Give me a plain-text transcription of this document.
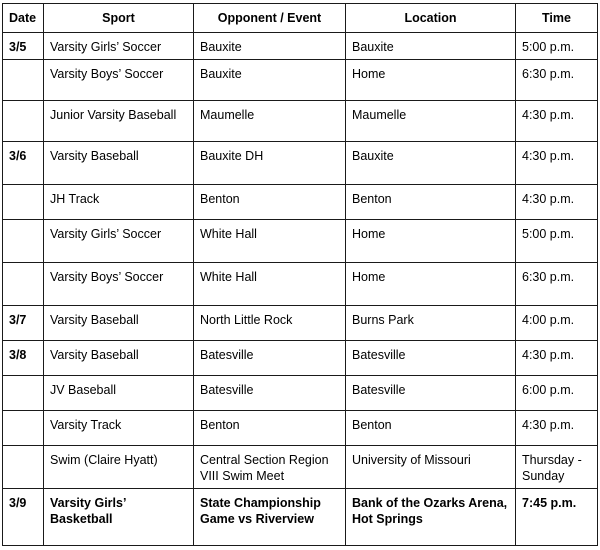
Date	Sport	Opponent / Event	Location	Time
3/5	Varsity Girls’ Soccer	Bauxite	Bauxite	5:00 p.m.
	Varsity Boys’ Soccer	Bauxite	Home	6:30 p.m.
	Junior Varsity Baseball	Maumelle	Maumelle	4:30 p.m.
3/6	Varsity Baseball	Bauxite DH	Bauxite	4:30 p.m.
	JH Track	Benton	Benton	4:30 p.m.
	Varsity Girls’ Soccer	White Hall	Home	5:00 p.m.
	Varsity Boys’ Soccer	White Hall	Home	6:30 p.m.
3/7	Varsity Baseball	North Little Rock	Burns Park	4:00 p.m.
3/8	Varsity Baseball	Batesville	Batesville	4:30 p.m.
	JV Baseball	Batesville	Batesville	6:00 p.m.
	Varsity Track	Benton	Benton	4:30 p.m.
	Swim (Claire Hyatt)	Central Section Region VIII Swim Meet	University of Missouri	Thursday - Sunday
3/9	Varsity Girls’ Basketball	State Championship Game vs Riverview	Bank of the Ozarks Arena, Hot Springs	7:45 p.m.
